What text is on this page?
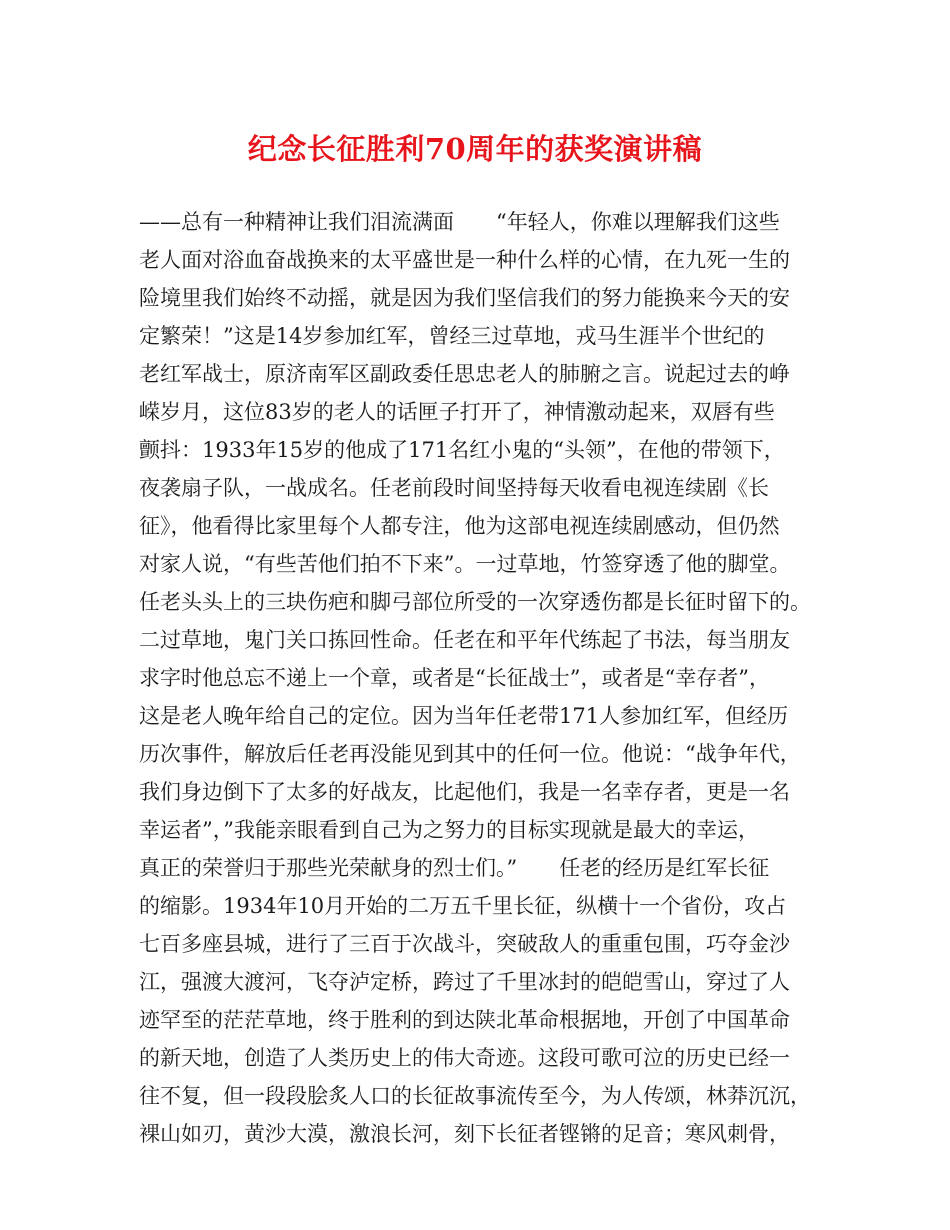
纪念长征胜利70周年的获奖演讲稿
——总有一种精神让我们泪流满面　　“年轻人，你难以理解我们这些
老人面对浴血奋战换来的太平盛世是一种什么样的心情，在九死一生的
险境里我们始终不动摇，就是因为我们坚信我们的努力能换来今天的安
定繁荣！”这是14岁参加红军，曾经三过草地，戎马生涯半个世纪的
老红军战士，原济南军区副政委任思忠老人的肺腑之言。说起过去的峥
嵘岁月，这位83岁的老人的话匣子打开了，神情激动起来，双唇有些
颤抖：1933年15岁的他成了171名红小鬼的“头领”，在他的带领下，
夜袭扇子队，一战成名。任老前段时间坚持每天收看电视连续剧《长
征》，他看得比家里每个人都专注，他为这部电视连续剧感动，但仍然
对家人说，“有些苦他们拍不下来”。一过草地，竹签穿透了他的脚堂。
任老头头上的三块伤疤和脚弓部位所受的一次穿透伤都是长征时留下的。
二过草地，鬼门关口拣回性命。任老在和平年代练起了书法，每当朋友
求字时他总忘不递上一个章，或者是“长征战士”，或者是“幸存者”，
这是老人晚年给自己的定位。因为当年任老带171人参加红军，但经历
历次事件，解放后任老再没能见到其中的任何一位。他说：“战争年代，
我们身边倒下了太多的好战友，比起他们，我是一名幸存者，更是一名
幸运者”，”我能亲眼看到自己为之努力的目标实现就是最大的幸运，
真正的荣誉归于那些光荣献身的烈士们。”　　任老的经历是红军长征
的缩影。1934年10月开始的二万五千里长征，纵横十一个省份，攻占
七百多座县城，进行了三百于次战斗，突破敌人的重重包围，巧夺金沙
江，强渡大渡河，飞夺泸定桥，跨过了千里冰封的皑皑雪山，穿过了人
迹罕至的茫茫草地，终于胜利的到达陕北革命根据地，开创了中国革命
的新天地，创造了人类历史上的伟大奇迹。这段可歌可泣的历史已经一
往不复，但一段段脍炙人口的长征故事流传至今，为人传颂，林莽沉沉，
裸山如刃，黄沙大漠，激浪长河，刻下长征者铿锵的足音；寒风刺骨，
